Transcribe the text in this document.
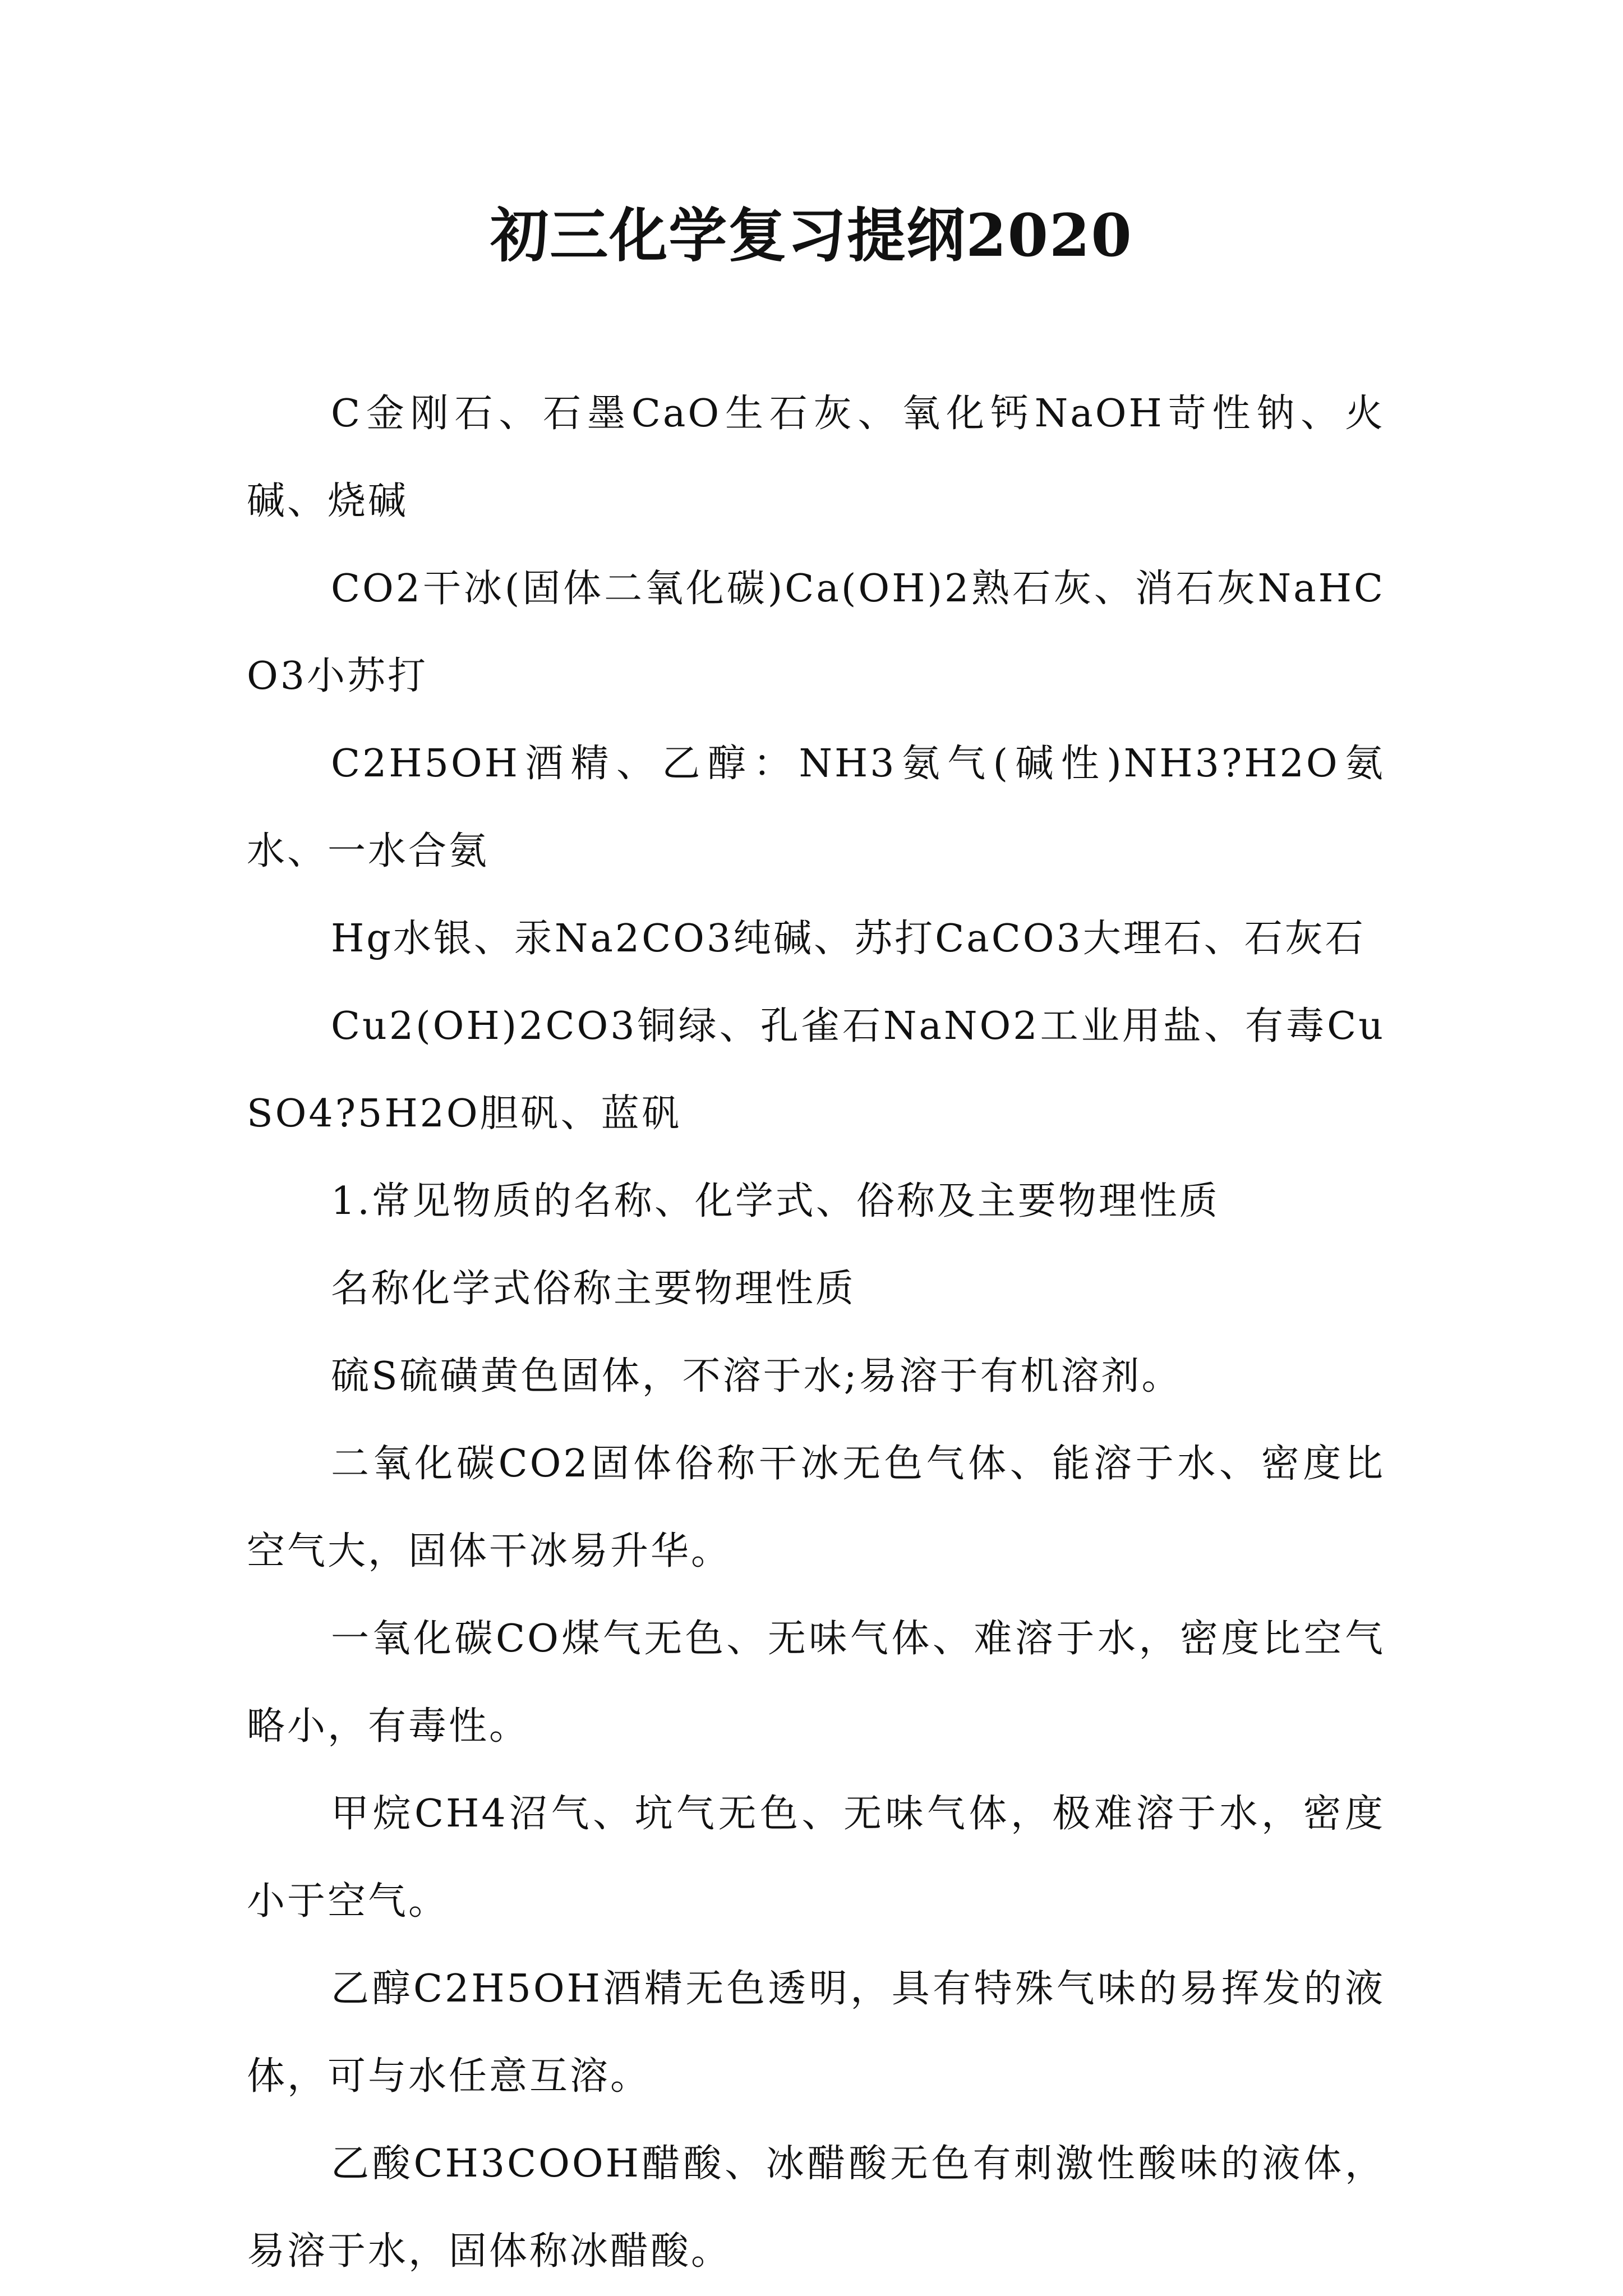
初三化学复习提纲2020

C金刚石、石墨CaO生石灰、氧化钙NaOH苛性钠、火碱、烧碱

CO2干冰(固体二氧化碳)Ca(OH)2熟石灰、消石灰NaHCO3小苏打

C2H5OH酒精、乙醇：NH3氨气(碱性)NH3?H2O氨水、一水合氨

Hg水银、汞Na2CO3纯碱、苏打CaCO3大理石、石灰石

Cu2(OH)2CO3铜绿、孔雀石NaNO2工业用盐、有毒CuSO4?5H2O胆矾、蓝矾

1.常见物质的名称、化学式、俗称及主要物理性质

名称化学式俗称主要物理性质

硫S硫磺黄色固体，不溶于水;易溶于有机溶剂。

二氧化碳CO2固体俗称干冰无色气体、能溶于水、密度比空气大，固体干冰易升华。

一氧化碳CO煤气无色、无味气体、难溶于水，密度比空气略小，有毒性。

甲烷CH4沼气、坑气无色、无味气体，极难溶于水，密度小于空气。

乙醇C2H5OH酒精无色透明，具有特殊气味的易挥发的液体，可与水任意互溶。

乙酸CH3COOH醋酸、冰醋酸无色有刺激性酸味的液体，易溶于水，固体称冰醋酸。
